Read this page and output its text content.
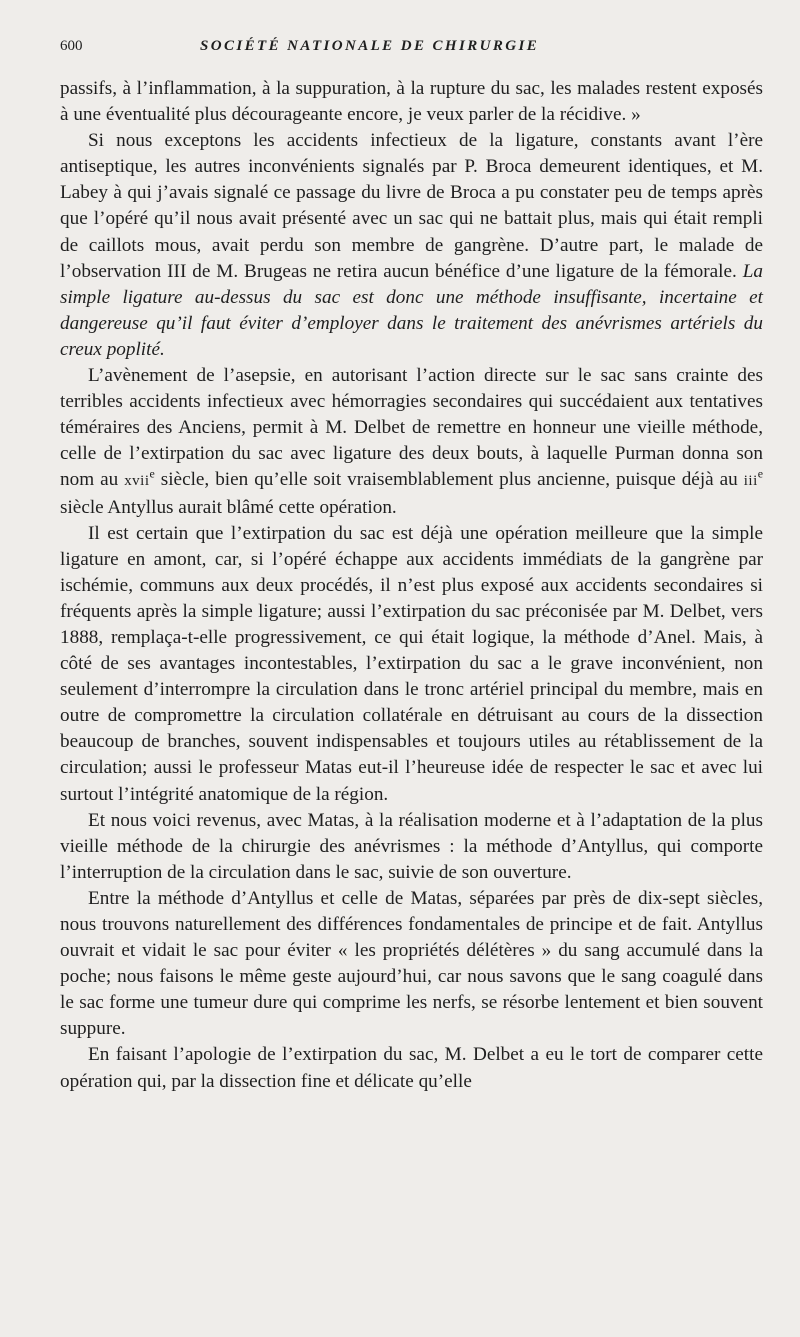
600	SOCIÉTÉ NATIONALE DE CHIRURGIE

passifs, à l’inflammation, à la suppuration, à la rupture du sac, les malades restent exposés à une éventualité plus décourageante encore, je veux parler de la récidive. »

Si nous exceptons les accidents infectieux de la ligature, constants avant l’ère antiseptique, les autres inconvénients signalés par P. Broca demeurent identiques, et M. Labey à qui j’avais signalé ce passage du livre de Broca a pu constater peu de temps après que l’opéré qu’il nous avait présenté avec un sac qui ne battait plus, mais qui était rempli de caillots mous, avait perdu son membre de gangrène. D’autre part, le malade de l’observation III de M. Brugeas ne retira aucun bénéfice d’une ligature de la fémorale. La simple ligature au-dessus du sac est donc une méthode insuffisante, incertaine et dangereuse qu’il faut éviter d’employer dans le traitement des anévrismes artériels du creux poplité.

L’avènement de l’asepsie, en autorisant l’action directe sur le sac sans crainte des terribles accidents infectieux avec hémorragies secondaires qui succédaient aux tentatives téméraires des Anciens, permit à M. Delbet de remettre en honneur une vieille méthode, celle de l’extirpation du sac avec ligature des deux bouts, à laquelle Purman donna son nom au xvii$^e$ siècle, bien qu’elle soit vraisemblablement plus ancienne, puisque déjà au iii$^e$ siècle Antyllus aurait blâmé cette opération.

Il est certain que l’extirpation du sac est déjà une opération meilleure que la simple ligature en amont, car, si l’opéré échappe aux accidents immédiats de la gangrène par ischémie, communs aux deux procédés, il n’est plus exposé aux accidents secondaires si fréquents après la simple ligature; aussi l’extirpation du sac préconisée par M. Delbet, vers 1888, remplaça-t-elle progressivement, ce qui était logique, la méthode d’Anel. Mais, à côté de ses avantages incontestables, l’extirpation du sac a le grave inconvénient, non seulement d’interrompre la circulation dans le tronc artériel principal du membre, mais en outre de compromettre la circulation collatérale en détruisant au cours de la dissection beaucoup de branches, souvent indispensables et toujours utiles au rétablissement de la circulation; aussi le professeur Matas eut-il l’heureuse idée de respecter le sac et avec lui surtout l’intégrité anatomique de la région.

Et nous voici revenus, avec Matas, à la réalisation moderne et à l’adaptation de la plus vieille méthode de la chirurgie des anévrismes : la méthode d’Antyllus, qui comporte l’interruption de la circulation dans le sac, suivie de son ouverture.

Entre la méthode d’Antyllus et celle de Matas, séparées par près de dix-sept siècles, nous trouvons naturellement des différences fondamentales de principe et de fait. Antyllus ouvrait et vidait le sac pour éviter « les propriétés délétères » du sang accumulé dans la poche; nous faisons le même geste aujourd’hui, car nous savons que le sang coagulé dans le sac forme une tumeur dure qui comprime les nerfs, se résorbe lentement et bien souvent suppure.

En faisant l’apologie de l’extirpation du sac, M. Delbet a eu le tort de comparer cette opération qui, par la dissection fine et délicate qu’elle
